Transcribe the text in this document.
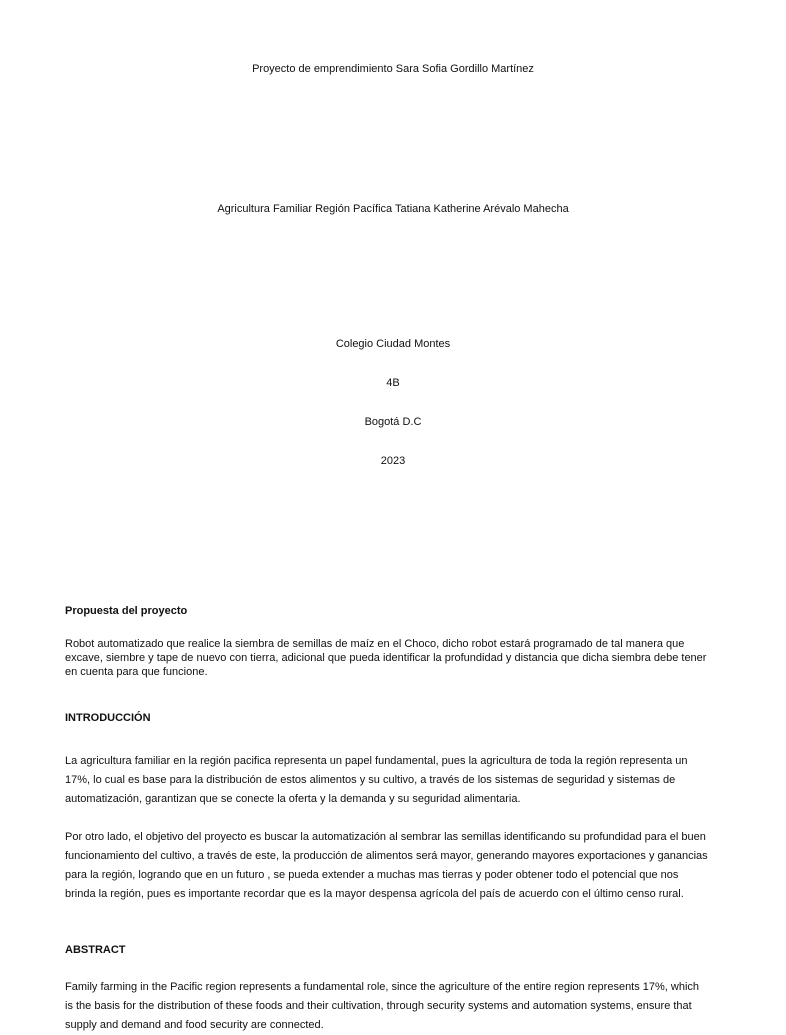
Proyecto de emprendimiento Sara Sofia Gordillo Martínez
Agricultura Familiar Región Pacífica Tatiana Katherine Arévalo Mahecha
Colegio Ciudad Montes
4B
Bogotá D.C
2023
Propuesta del proyecto

Robot automatizado que realice la siembra de semillas de maíz en el Choco, dicho robot estará programado de tal manera que excave, siembre y tape de nuevo con tierra, adicional que pueda identificar la profundidad y distancia que dicha siembra debe tener en cuenta para que funcione.

INTRODUCCIÓN

La agricultura familiar en la región pacifica representa un papel fundamental, pues la agricultura de toda la región representa un 17%, lo cual es base para la distribución de estos alimentos y su cultivo, a través de los sistemas de seguridad y sistemas de automatización, garantizan que se conecte la oferta y la demanda y su seguridad alimentaria.

Por otro lado, el objetivo del proyecto es buscar la automatización al sembrar las semillas identificando su profundidad para el buen funcionamiento del cultivo, a través de este, la producción de alimentos será mayor, generando mayores exportaciones y ganancias para la región, logrando que en un futuro , se pueda extender a muchas mas tierras y poder obtener todo el potencial que nos brinda la región, pues es importante recordar que es la mayor despensa agrícola del país de acuerdo con el último censo rural.

ABSTRACT

Family farming in the Pacific region represents a fundamental role, since the agriculture of the entire region represents 17%, which is the basis for the distribution of these foods and their cultivation, through security systems and automation systems, ensure that supply and demand and food security are connected.
